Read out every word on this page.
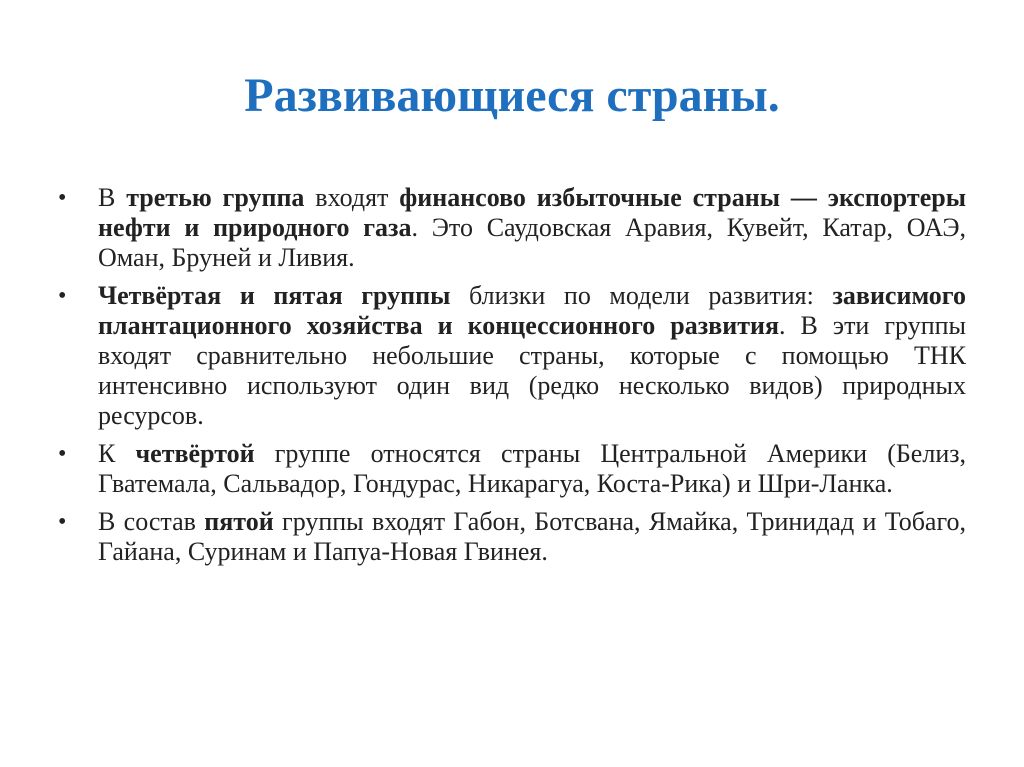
Развивающиеся страны.
• В третью группа входят финансово избыточные страны — экспортеры нефти и природного газа. Это Саудовская Аравия, Кувейт, Катар, ОАЭ, Оман, Бруней и Ливия.
• Четвёртая и пятая группы близки по модели развития: зависимого плантационного хозяйства и концессионного развития. В эти группы входят сравнительно небольшие страны, которые с помощью ТНК интенсивно используют один вид (редко несколько видов) природных ресурсов.
• К четвёртой группе относятся страны Центральной Америки (Белиз, Гватемала, Сальвадор, Гондурас, Никарагуа, Коста-Рика) и Шри-Ланка.
• В состав пятой группы входят Габон, Ботсвана, Ямайка, Тринидад и Тобаго, Гайана, Суринам и Папуа-Новая Гвинея.
